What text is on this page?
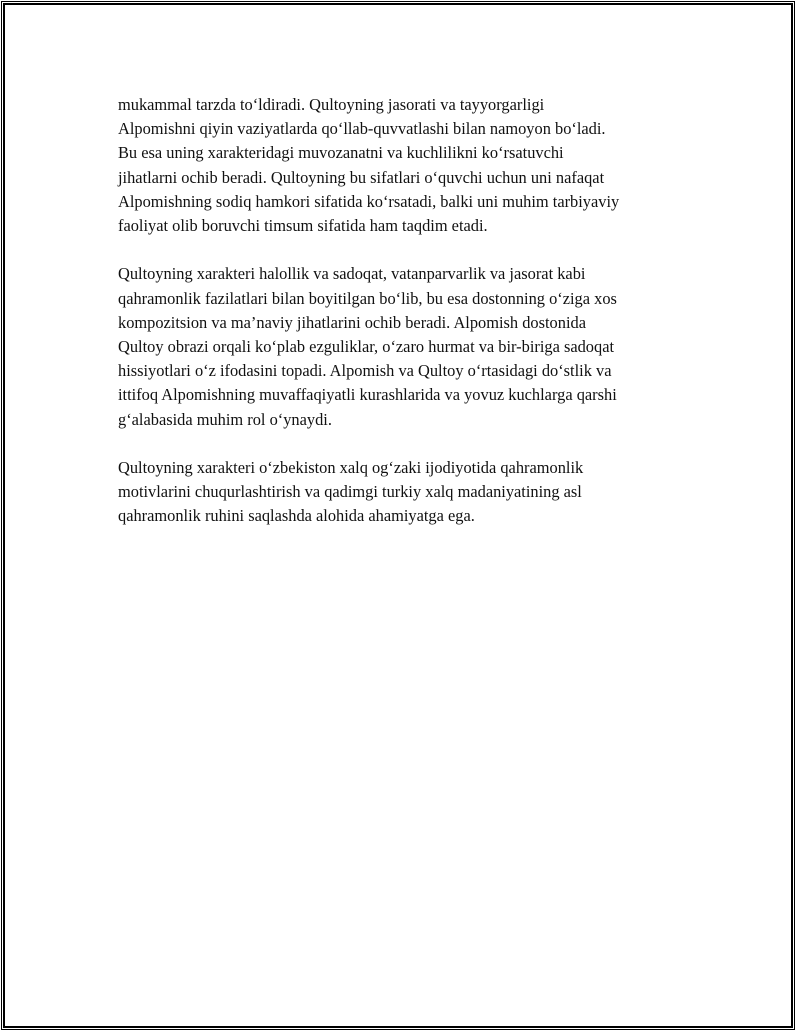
mukammal tarzda to‘ldiradi. Qultoyning jasorati va tayyorgarligi
Alpomishni qiyin vaziyatlarda qo‘llab-quvvatlashi bilan namoyon bo‘ladi.
Bu esa uning xarakteridagi muvozanatni va kuchlilikni ko‘rsatuvchi
jihatlarni ochib beradi. Qultoyning bu sifatlari o‘quvchi uchun uni nafaqat
Alpomishning sodiq hamkori sifatida ko‘rsatadi, balki uni muhim tarbiyaviy
faoliyat olib boruvchi timsum sifatida ham taqdim etadi.

Qultoyning xarakteri halollik va sadoqat, vatanparvarlik va jasorat kabi
qahramonlik fazilatlari bilan boyitilgan bo‘lib, bu esa dostonning o‘ziga xos
kompozitsion va ma’naviy jihatlarini ochib beradi. Alpomish dostonida
Qultoy obrazi orqali ko‘plab ezguliklar, o‘zaro hurmat va bir-biriga sadoqat
hissiyotlari o‘z ifodasini topadi. Alpomish va Qultoy o‘rtasidagi do‘stlik va
ittifoq Alpomishning muvaffaqiyatli kurashlarida va yovuz kuchlarga qarshi
g‘alabasida muhim rol o‘ynaydi.

Qultoyning xarakteri o‘zbekiston xalq og‘zaki ijodiyotida qahramonlik
motivlarini chuqurlashtirish va qadimgi turkiy xalq madaniyatining asl
qahramonlik ruhini saqlashda alohida ahamiyatga ega.
